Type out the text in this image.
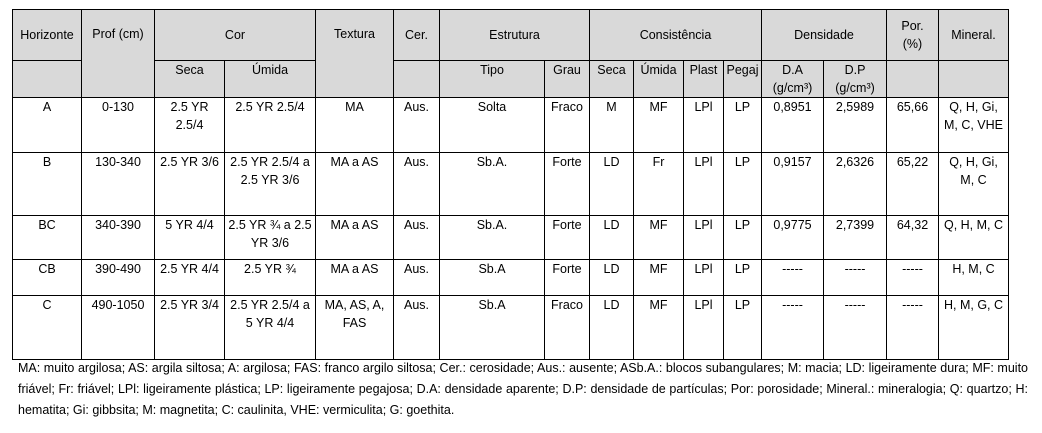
Horizonte	Prof (cm)	Cor		Textura	Cer.	Estrutura		Consistência				Densidade		Por. (%)	Mineral.
		Seca	Úmida			Tipo	Grau	Seca	Úmida	Plast	Pegaj	D.A (g/cm³)	D.P (g/cm³)		
A	0-130	2.5 YR 2.5/4	2.5 YR 2.5/4	MA	Aus.	Solta	Fraco	M	MF	LPl	LP	0,8951	2,5989	65,66	Q, H, Gi, M, C, VHE
B	130-340	2.5 YR 3/6	2.5 YR 2.5/4 a 2.5 YR 3/6	MA a AS	Aus.	Sb.A.	Forte	LD	Fr	LPl	LP	0,9157	2,6326	65,22	Q, H, Gi, M, C
BC	340-390	5 YR 4/4	2.5 YR ¾ a 2.5 YR 3/6	MA a AS	Aus.	Sb.A.	Forte	LD	MF	LPl	LP	0,9775	2,7399	64,32	Q, H, M, C
CB	390-490	2.5 YR 4/4	2.5 YR ¾	MA a AS	Aus.	Sb.A	Forte	LD	MF	LPl	LP	-----	-----	-----	H, M, C
C	490-1050	2.5 YR 3/4	2.5 YR 2.5/4 a 5 YR 4/4	MA, AS, A, FAS	Aus.	Sb.A	Fraco	LD	MF	LPl	LP	-----	-----	-----	H, M, G, C
MA: muito argilosa; AS: argila siltosa; A: argilosa; FAS: franco argilo siltosa; Cer.: cerosidade; Aus.: ausente; ASb.A.: blocos subangulares; M: macia; LD: ligeiramente dura; MF: muito friável; Fr: friável; LPl: ligeiramente plástica; LP: ligeiramente pegajosa; D.A: densidade aparente; D.P: densidade de partículas; Por: porosidade; Mineral.: mineralogia; Q: quartzo; H: hematita; Gi: gibbsita; M: magnetita; C: caulinita, VHE: vermiculita; G: goethita.
